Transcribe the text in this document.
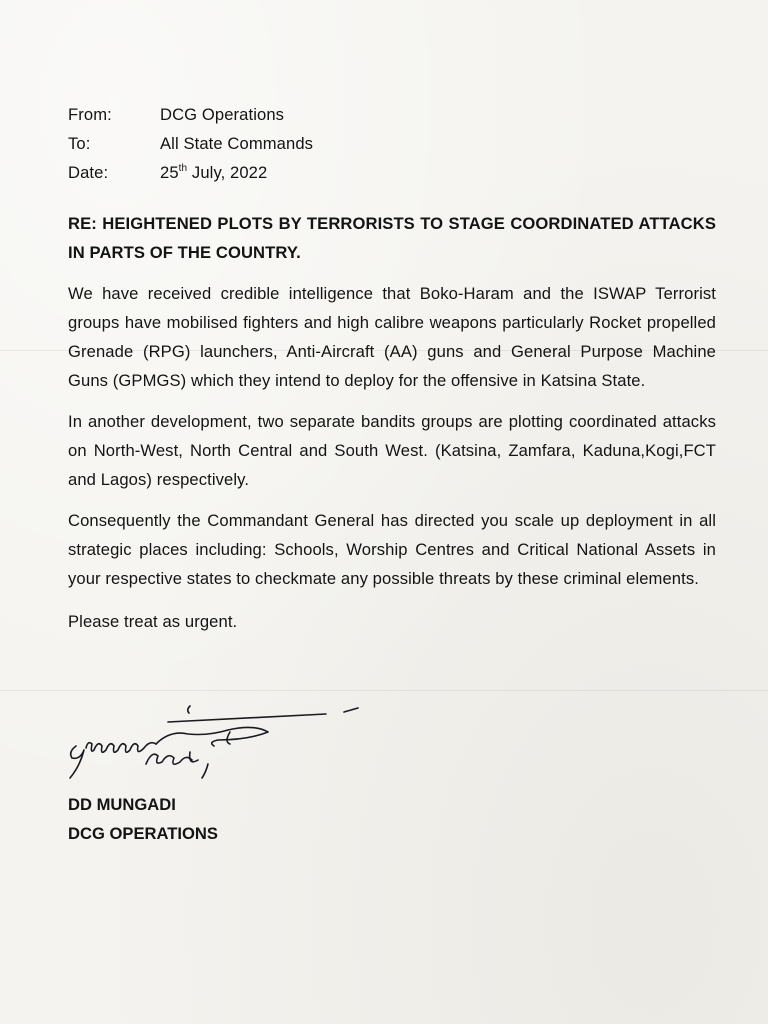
From:	DCG Operations
To:	All State Commands
Date:	25th July, 2022
RE: HEIGHTENED PLOTS BY TERRORISTS TO STAGE COORDINATED ATTACKS IN PARTS OF THE COUNTRY.
We have received credible intelligence that Boko-Haram and the ISWAP Terrorist groups have mobilised fighters and high calibre weapons particularly Rocket propelled Grenade (RPG) launchers, Anti-Aircraft (AA) guns and General Purpose Machine Guns (GPMGS) which they intend to deploy for the offensive in Katsina State.
In another development, two separate bandits groups are plotting coordinated attacks on North-West, North Central and South West. (Katsina, Zamfara, Kaduna,Kogi,FCT and Lagos) respectively.
Consequently the Commandant General has directed you scale up deployment in all strategic places including: Schools, Worship Centres and Critical National Assets in your respective states to checkmate any possible threats by these criminal elements.
Please treat as urgent.
DD MUNGADI
DCG OPERATIONS
